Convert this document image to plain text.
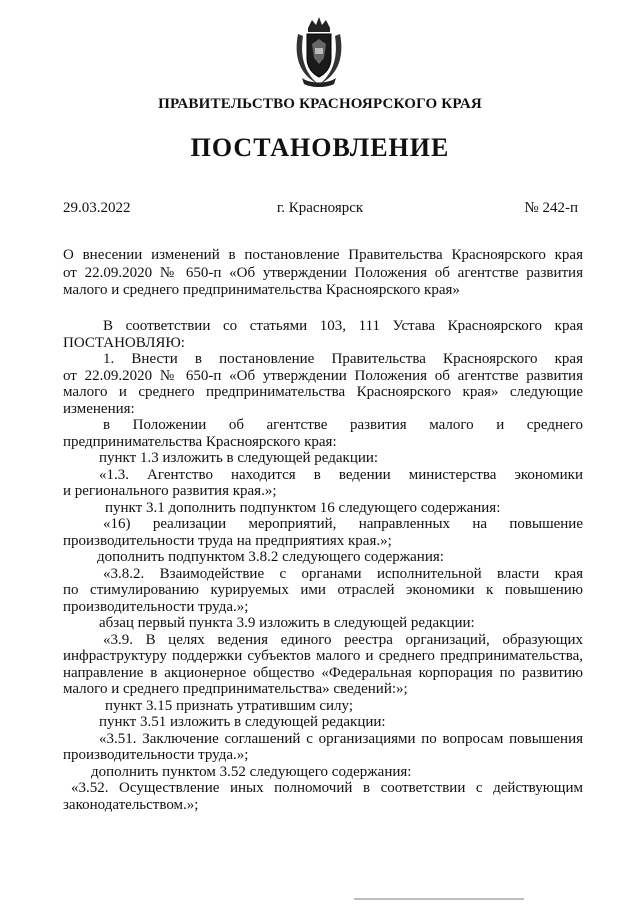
ПРАВИТЕЛЬСТВО КРАСНОЯРСКОГО КРАЯ
ПОСТАНОВЛЕНИЕ
29.03.2022	г. Красноярск	№ 242-п

О внесении изменений в постановление Правительства Красноярского края

от 22.09.2020 № 650-п «Об утверждении Положения об агентстве развития

малого и среднего предпринимательства Красноярского края»

В соответствии со статьями 103, 111 Устава Красноярского края

ПОСТАНОВЛЯЮ:

1. Внести в постановление Правительства Красноярского края

от 22.09.2020 № 650-п «Об утверждении Положения об агентстве развития

малого и среднего предпринимательства Красноярского края» следующие

изменения:

в Положении об агентстве развития малого и среднего

предпринимательства Красноярского края:

пункт 1.3 изложить в следующей редакции:

«1.3. Агентство находится в ведении министерства экономики

и регионального развития края.»;

пункт 3.1 дополнить подпунктом 16 следующего содержания:

«16) реализации мероприятий, направленных на повышение

производительности труда на предприятиях края.»;

дополнить подпунктом 3.8.2 следующего содержания:

«3.8.2. Взаимодействие с органами исполнительной власти края

по стимулированию курируемых ими отраслей экономики к повышению

производительности труда.»;

абзац первый пункта 3.9 изложить в следующей редакции:

«3.9. В целях ведения единого реестра организаций, образующих

инфраструктуру поддержки субъектов малого и среднего предпринимательства,

направление в акционерное общество «Федеральная корпорация по развитию

малого и среднего предпринимательства» сведений:»;

пункт 3.15 признать утратившим силу;

пункт 3.51 изложить в следующей редакции:

«3.51. Заключение соглашений с организациями по вопросам повышения

производительности труда.»;

дополнить пунктом 3.52 следующего содержания:

«3.52. Осуществление иных полномочий в соответствии с действующим

законодательством.»;
